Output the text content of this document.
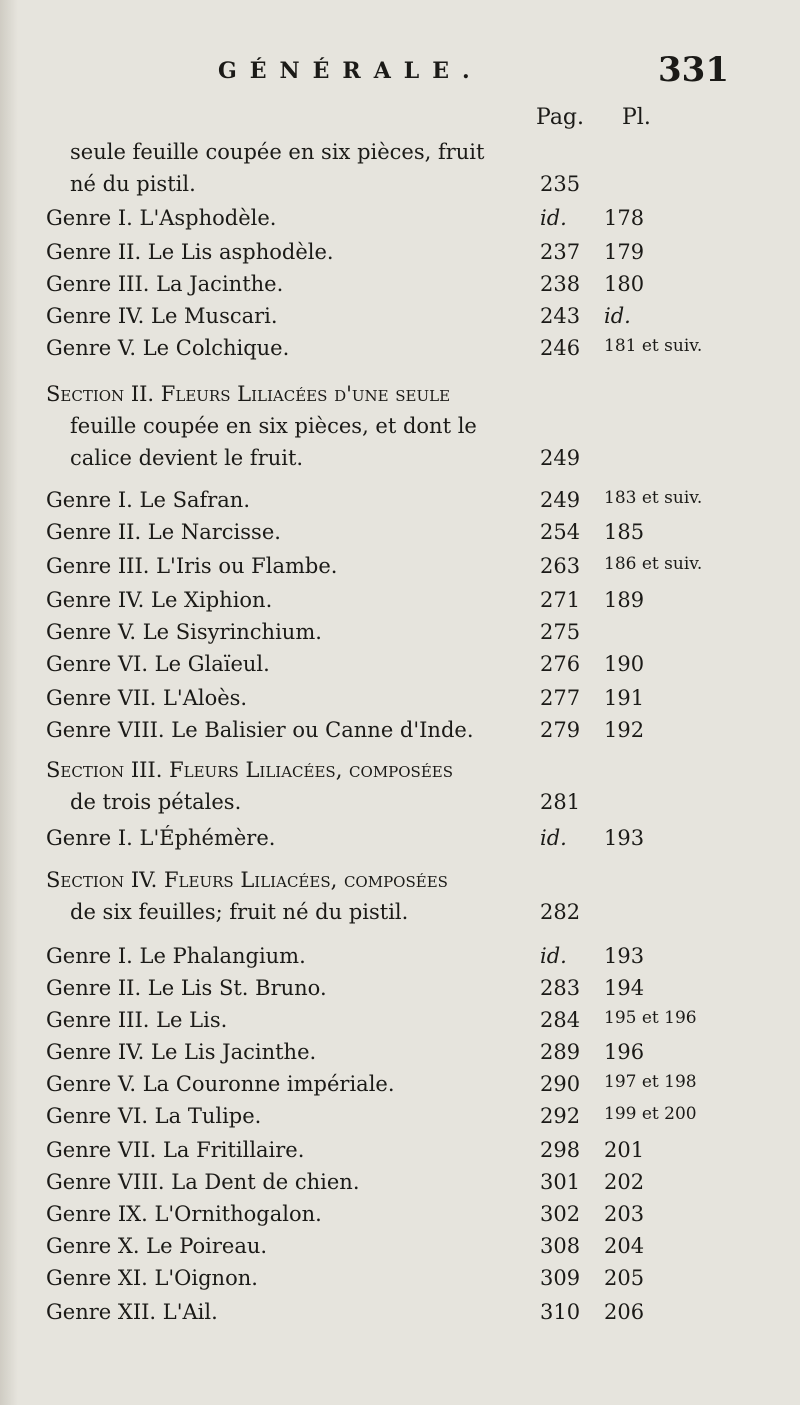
GÉNÉRALE.	331
Pag. Pl.
seule feuille coupée en six pièces, fruit
né du pistil.	235
Genre I. L'Asphodèle.	id. 178
Genre II. Le Lis asphodèle.	237 179
Genre III. La Jacinthe.	238 180
Genre IV. Le Muscari.	243 id.
Genre V. Le Colchique.	246 181 et suiv.
Section II. Fleurs Liliacées d'une seule
feuille coupée en six pièces, et dont le
calice devient le fruit.	249
Genre I. Le Safran.	249 183 et suiv.
Genre II. Le Narcisse.	254 185
Genre III. L'Iris ou Flambe.	263 186 et suiv.
Genre IV. Le Xiphion.	271 189
Genre V. Le Sisyrinchium.	275
Genre VI. Le Glaïeul.	276 190
Genre VII. L'Aloès.	277 191
Genre VIII. Le Balisier ou Canne d'Inde.	279 192
Section III. Fleurs Liliacées, composées
de trois pétales.	281
Genre I. L'Éphémère.	id. 193
Section IV. Fleurs Liliacées, composées
de six feuilles; fruit né du pistil.	282
Genre I. Le Phalangium.	id. 193
Genre II. Le Lis St. Bruno.	283 194
Genre III. Le Lis.	284 195 et 196
Genre IV. Le Lis Jacinthe.	289 196
Genre V. La Couronne impériale.	290 197 et 198
Genre VI. La Tulipe.	292 199 et 200
Genre VII. La Fritillaire.	298 201
Genre VIII. La Dent de chien.	301 202
Genre IX. L'Ornithogalon.	302 203
Genre X. Le Poireau.	308 204
Genre XI. L'Oignon.	309 205
Genre XII. L'Ail.	310 206
